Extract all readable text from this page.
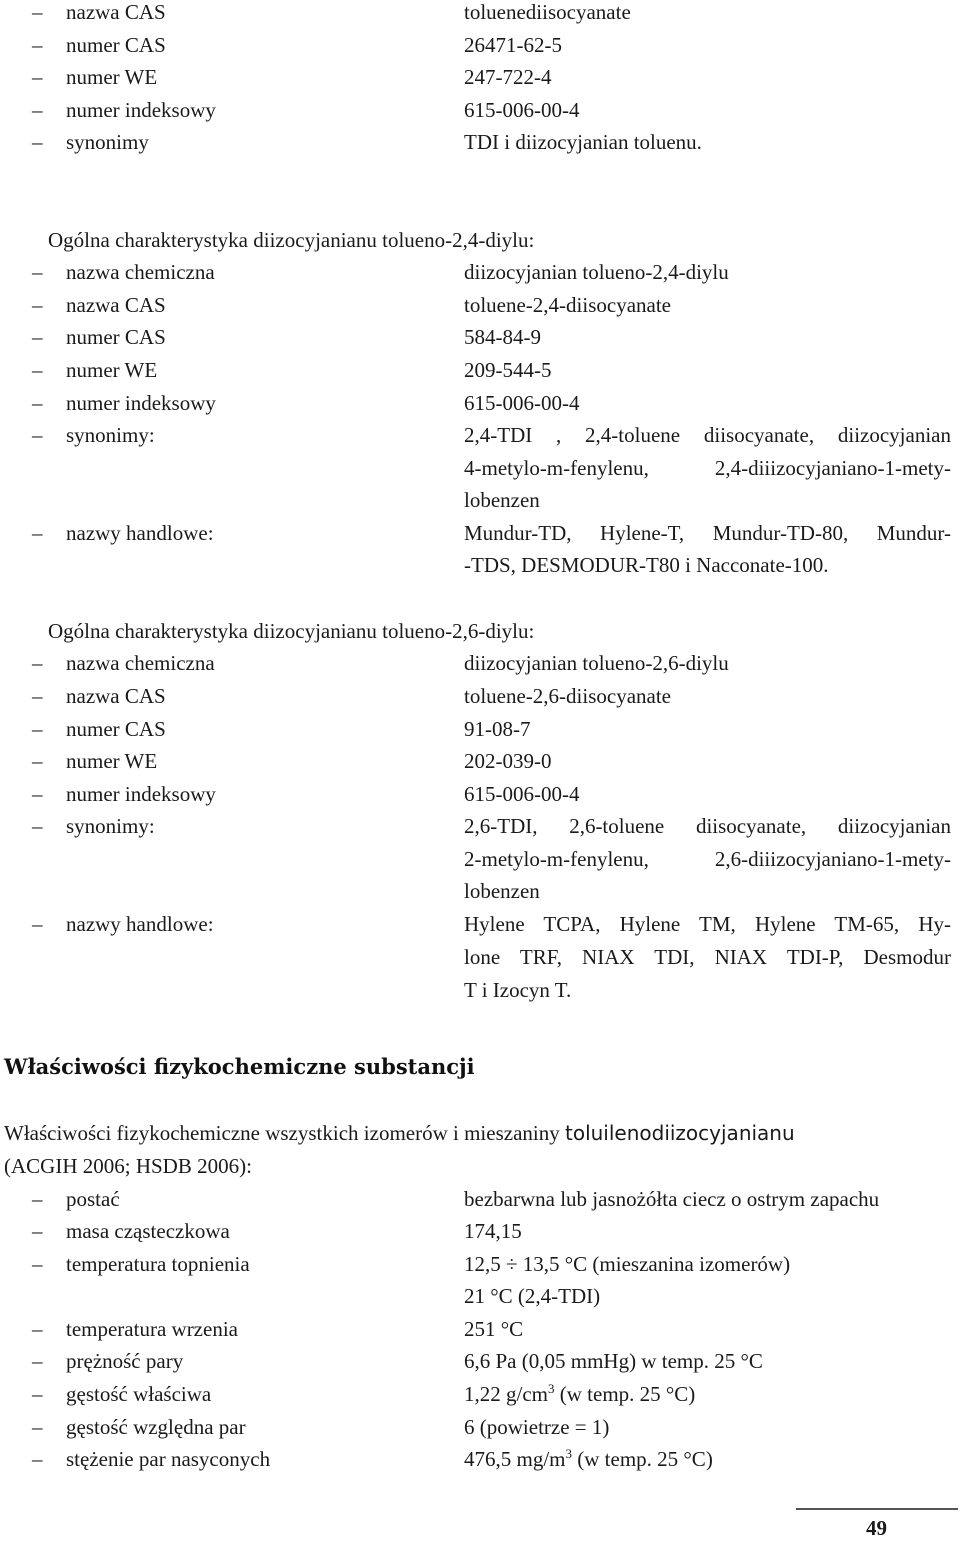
– nazwa CAS	toluenediisocyanate
– numer CAS	26471-62-5
– numer WE	247-722-4
– numer indeksowy	615-006-00-4
– synonimy	TDI i diizocyjanian toluenu.
Ogólna charakterystyka diizocyjanianu tolueno-2,4-diylu:
– nazwa chemiczna	diizocyjanian tolueno-2,4-diylu
– nazwa CAS	toluene-2,4-diisocyanate
– numer CAS	584-84-9
– numer WE	209-544-5
– numer indeksowy	615-006-00-4
– synonimy:	2,4-TDI , 2,4-toluene diisocyanate, diizocyjanian
4-metylo-m-fenylenu, 2,4-diiizocyjaniano-1-mety-
lobenzen
– nazwy handlowe:	Mundur-TD, Hylene-T, Mundur-TD-80, Mundur-
-TDS, DESMODUR-T80 i Nacconate-100.
Ogólna charakterystyka diizocyjanianu tolueno-2,6-diylu:
– nazwa chemiczna	diizocyjanian tolueno-2,6-diylu
– nazwa CAS	toluene-2,6-diisocyanate
– numer CAS	91-08-7
– numer WE	202-039-0
– numer indeksowy	615-006-00-4
– synonimy:	2,6-TDI, 2,6-toluene diisocyanate, diizocyjanian
2-metylo-m-fenylenu, 2,6-diiizocyjaniano-1-mety-
lobenzen
– nazwy handlowe:	Hylene TCPA, Hylene TM, Hylene TM-65, Hy-
lone TRF, NIAX TDI, NIAX TDI-P, Desmodur
T i Izocyn T.
Właściwości fizykochemiczne substancji
Właściwości fizykochemiczne wszystkich izomerów i mieszaniny toluilenodiizocyjanianu
(ACGIH 2006; HSDB 2006):
– postać	bezbarwna lub jasnożółta ciecz o ostrym zapachu
– masa cząsteczkowa	174,15
– temperatura topnienia	12,5 ÷ 13,5 °C (mieszanina izomerów)
21 °C (2,4-TDI)
– temperatura wrzenia	251 °C
– prężność pary	6,6 Pa (0,05 mmHg) w temp. 25 °C
– gęstość właściwa	1,22 $g/cm^3$ (w temp. 25 °C)
– gęstość względna par	6 (powietrze = 1)
– stężenie par nasyconych	476,5 $mg/m^3$ (w temp. 25 °C)
49
